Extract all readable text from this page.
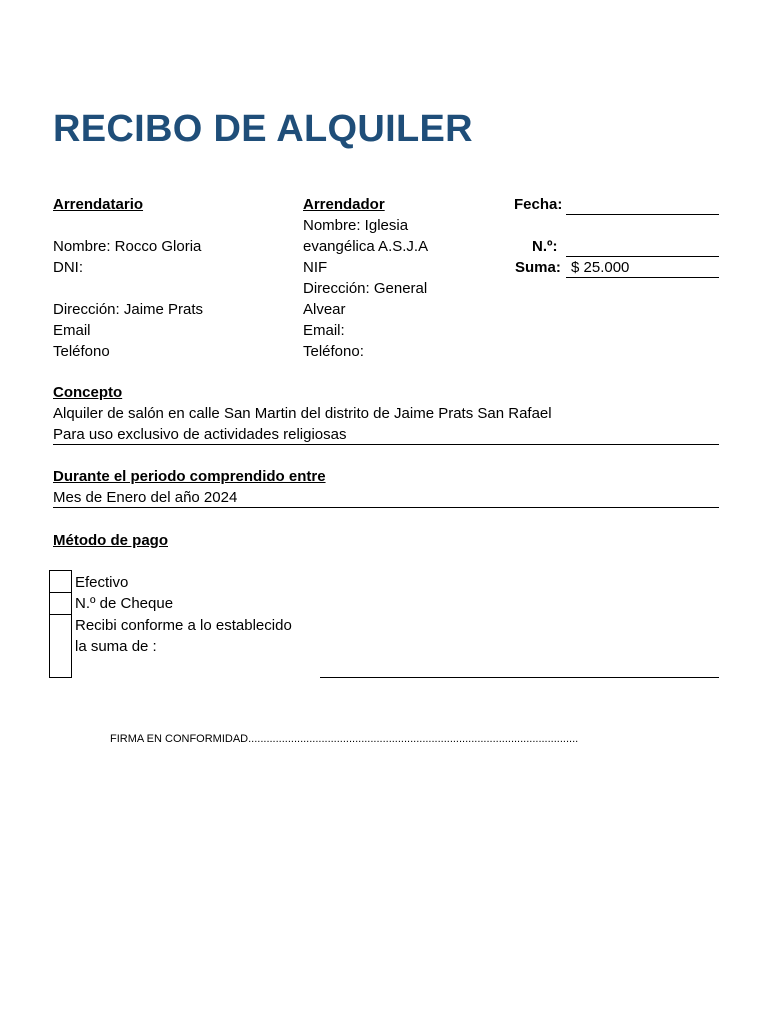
RECIBO DE ALQUILER
Arrendatario
Nombre: Rocco Gloria
DNI:
Dirección: Jaime Prats
Email
Teléfono
Arrendador
Nombre: Iglesia
evangélica A.S.J.A
NIF
Dirección: General
Alvear
Email:
Teléfono:
Fecha:
N.º:
Suma: $ 25.000
Concepto
Alquiler de salón en calle San Martin del distrito de Jaime Prats San Rafael
Para uso exclusivo de actividades religiosas
Durante el periodo comprendido entre
Mes de Enero del año 2024
Método de pago
Efectivo
N.º de Cheque
Recibi conforme a lo establecido
la suma de :
FIRMA EN CONFORMIDAD............................................................................................................
